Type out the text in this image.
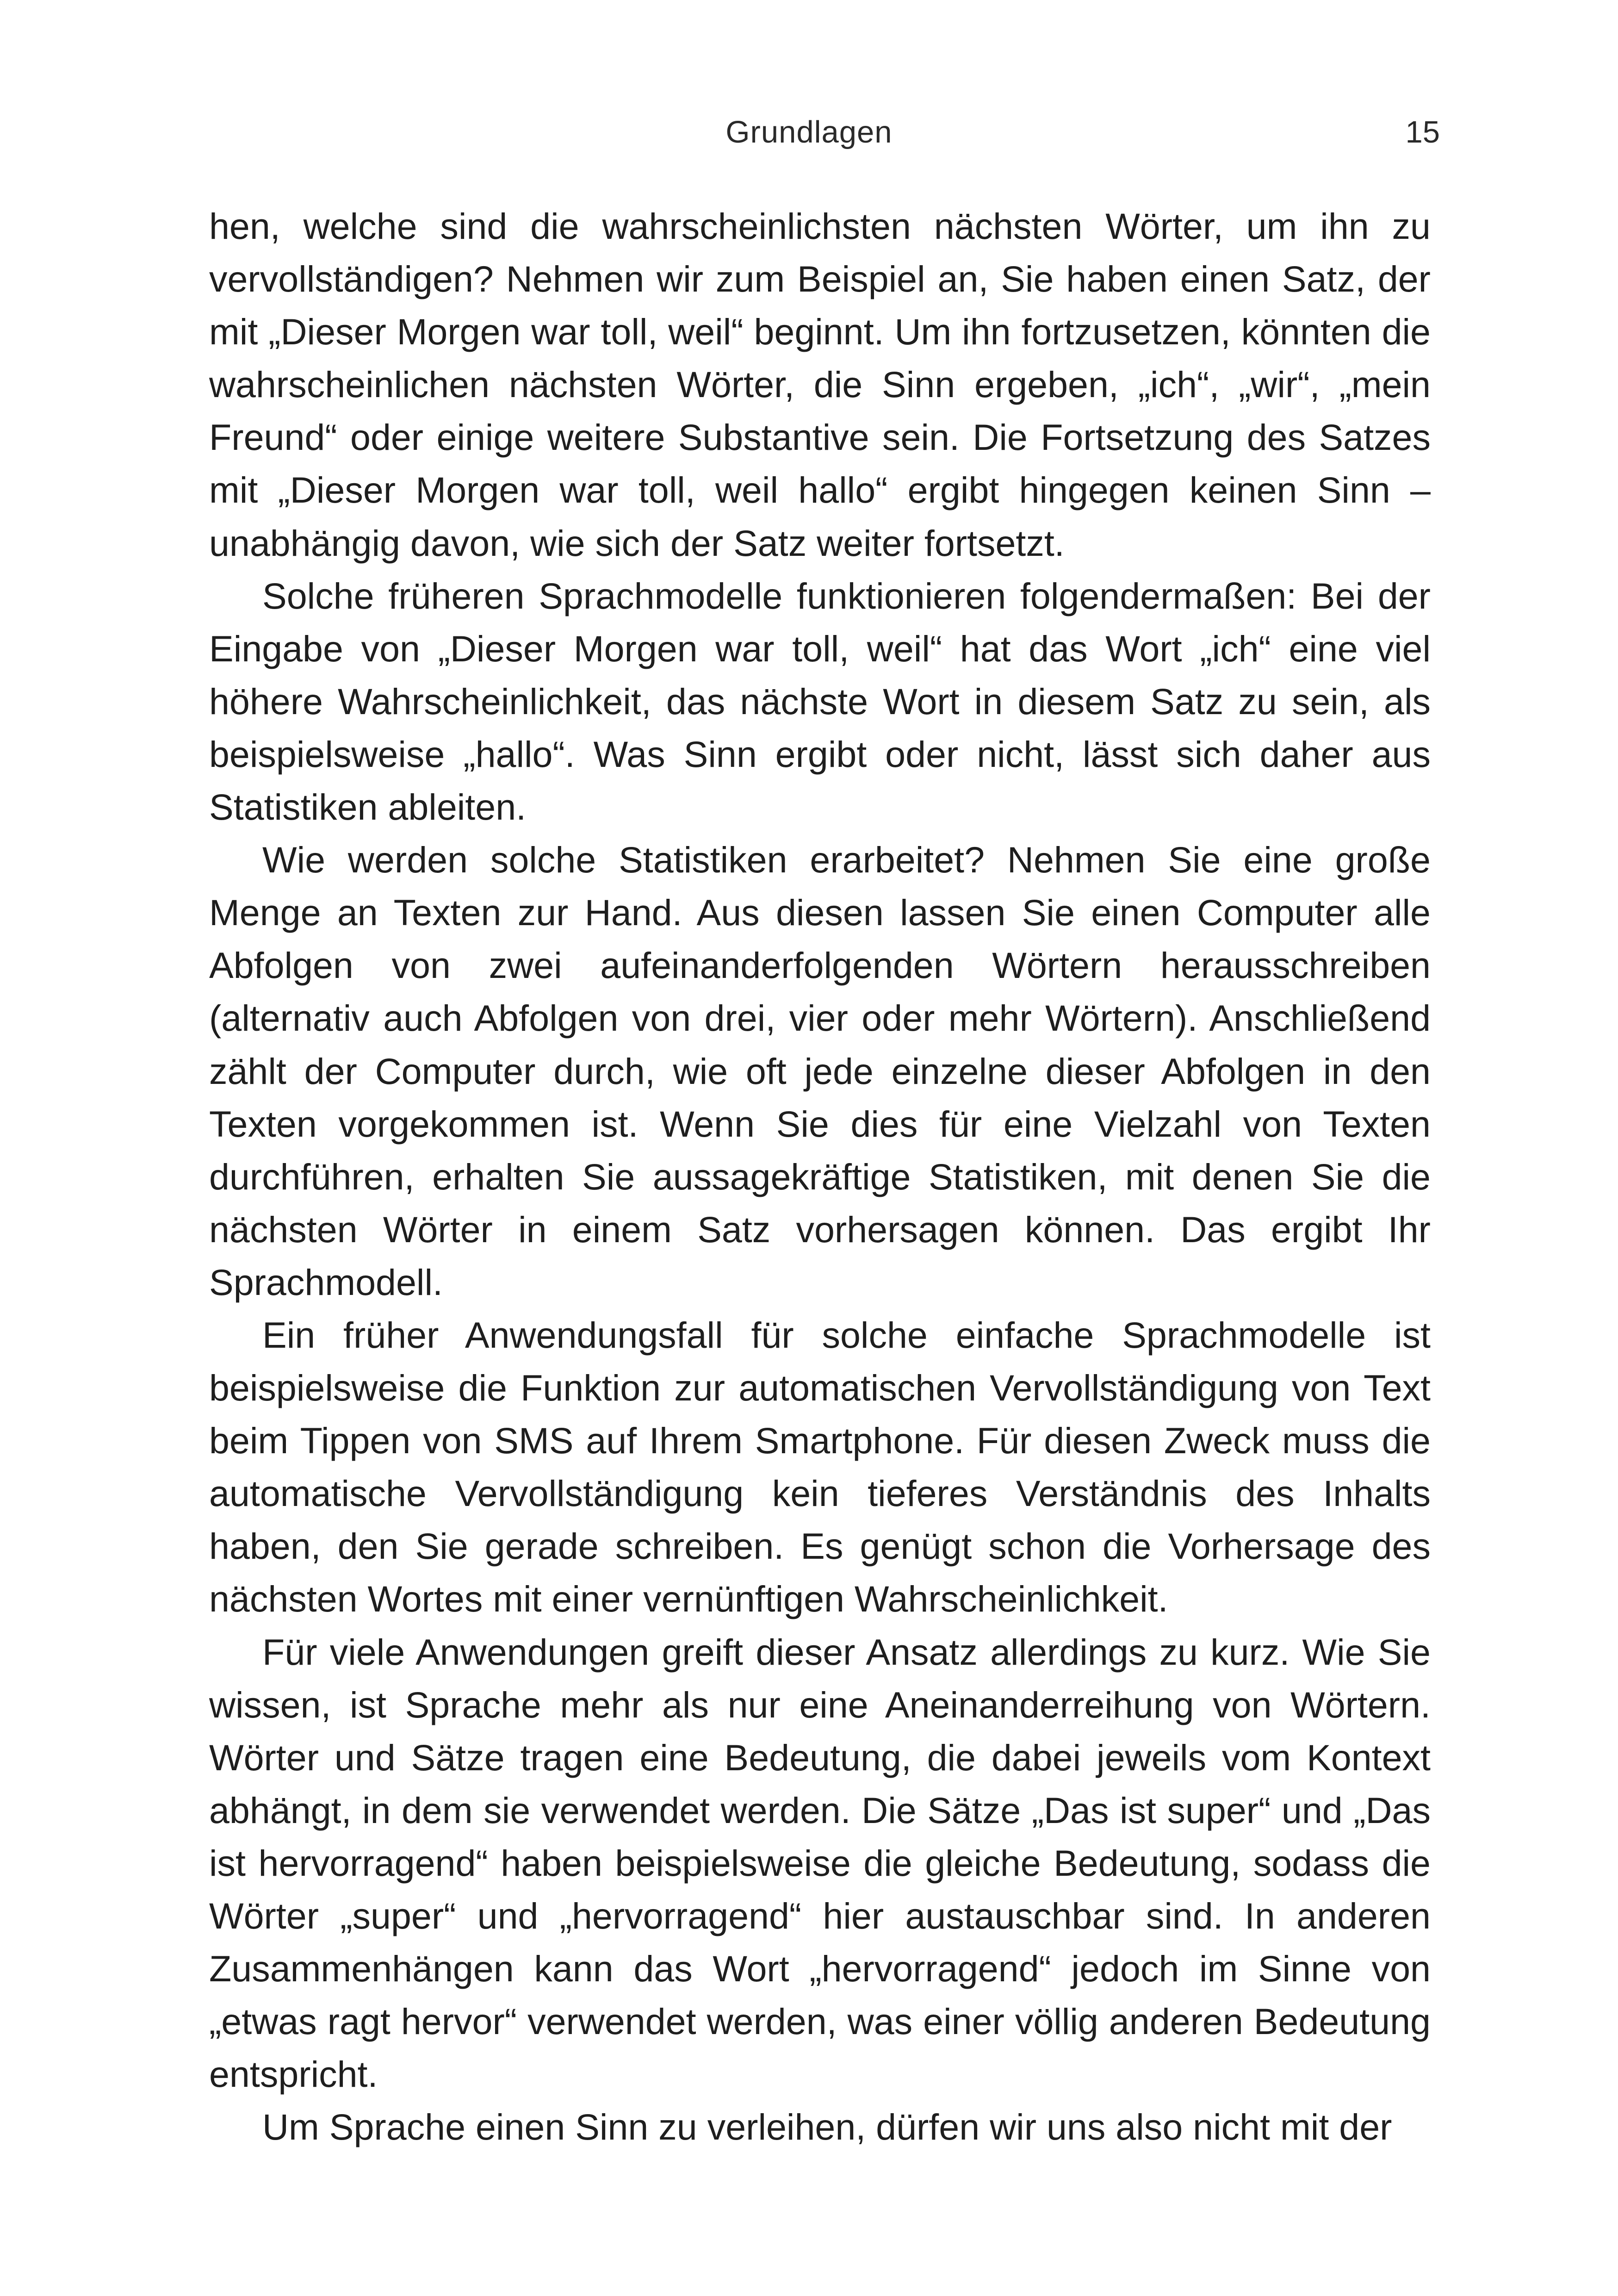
Grundlagen	15

hen, welche sind die wahrscheinlichsten nächsten Wörter, um ihn zu vervollständigen? Nehmen wir zum Beispiel an, Sie haben einen Satz, der mit „Dieser Morgen war toll, weil“ beginnt. Um ihn fortzusetzen, könnten die wahrscheinlichen nächsten Wörter, die Sinn ergeben, „ich“, „wir“, „mein Freund“ oder einige weitere Substantive sein. Die Fortsetzung des Satzes mit „Dieser Morgen war toll, weil hallo“ ergibt hingegen keinen Sinn – unabhängig davon, wie sich der Satz weiter fortsetzt.

Solche früheren Sprachmodelle funktionieren folgendermaßen: Bei der Eingabe von „Dieser Morgen war toll, weil“ hat das Wort „ich“ eine viel höhere Wahrscheinlichkeit, das nächste Wort in diesem Satz zu sein, als beispielsweise „hallo“. Was Sinn ergibt oder nicht, lässt sich daher aus Statistiken ableiten.

Wie werden solche Statistiken erarbeitet? Nehmen Sie eine große Menge an Texten zur Hand. Aus diesen lassen Sie einen Computer alle Abfolgen von zwei aufeinanderfolgenden Wörtern herausschreiben (alternativ auch Abfolgen von drei, vier oder mehr Wörtern). Anschließend zählt der Computer durch, wie oft jede einzelne dieser Abfolgen in den Texten vorgekommen ist. Wenn Sie dies für eine Vielzahl von Texten durchführen, erhalten Sie aussagekräftige Statistiken, mit denen Sie die nächsten Wörter in einem Satz vorhersagen können. Das ergibt Ihr Sprachmodell.

Ein früher Anwendungsfall für solche einfache Sprachmodelle ist beispielsweise die Funktion zur automatischen Vervollständigung von Text beim Tippen von SMS auf Ihrem Smartphone. Für diesen Zweck muss die automatische Vervollständigung kein tieferes Verständnis des Inhalts haben, den Sie gerade schreiben. Es genügt schon die Vorhersage des nächsten Wortes mit einer vernünftigen Wahrscheinlichkeit.

Für viele Anwendungen greift dieser Ansatz allerdings zu kurz. Wie Sie wissen, ist Sprache mehr als nur eine Aneinanderreihung von Wörtern. Wörter und Sätze tragen eine Bedeutung, die dabei jeweils vom Kontext abhängt, in dem sie verwendet werden. Die Sätze „Das ist super“ und „Das ist hervorragend“ haben beispielsweise die gleiche Bedeutung, sodass die Wörter „super“ und „hervorragend“ hier austauschbar sind. In anderen Zusammenhängen kann das Wort „hervorragend“ jedoch im Sinne von „etwas ragt hervor“ verwendet werden, was einer völlig anderen Bedeutung entspricht.

Um Sprache einen Sinn zu verleihen, dürfen wir uns also nicht mit der
